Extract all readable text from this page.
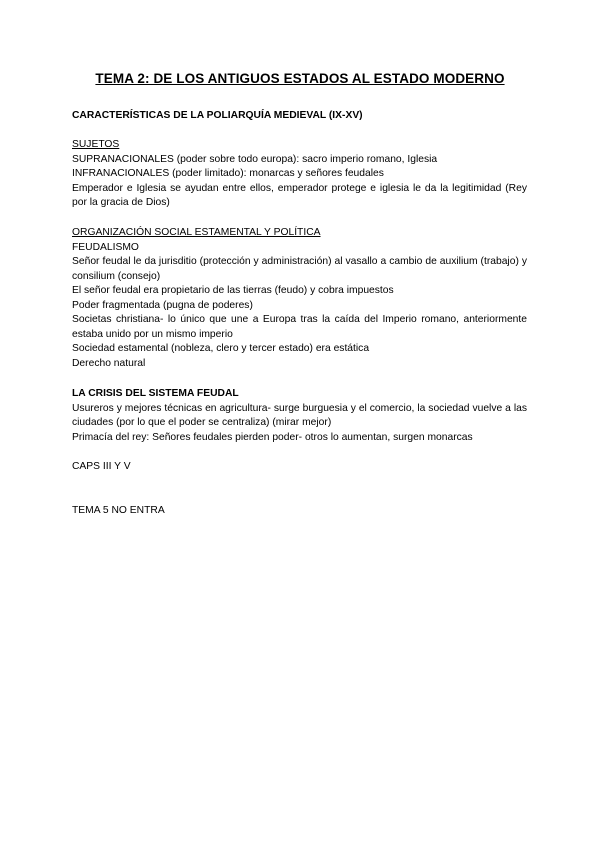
TEMA 2: DE LOS ANTIGUOS ESTADOS AL ESTADO MODERNO
CARACTERÍSTICAS DE LA POLIARQUÍA MEDIEVAL (IX-XV)
SUJETOS
SUPRANACIONALES (poder sobre todo europa): sacro imperio romano, Iglesia
INFRANACIONALES (poder limitado): monarcas y señores feudales
Emperador e Iglesia se ayudan entre ellos, emperador protege e iglesia le da la legitimidad (Rey por la gracia de Dios)
ORGANIZACIÓN SOCIAL ESTAMENTAL Y POLÍTICA
FEUDALISMO
Señor feudal le da jurisditio (protección y administración) al vasallo a cambio de auxilium (trabajo) y consilium (consejo)
El señor feudal era propietario de las tierras (feudo) y cobra impuestos
Poder fragmentada (pugna de poderes)
Societas christiana- lo único que une a Europa tras la caída del Imperio romano, anteriormente estaba unido por un mismo imperio
Sociedad estamental (nobleza, clero y tercer estado) era estática
Derecho natural
LA CRISIS DEL SISTEMA FEUDAL
Usureros y mejores técnicas en agricultura- surge burguesia y el comercio, la sociedad vuelve a las ciudades (por lo que el poder se centraliza) (mirar mejor)
Primacía del rey: Señores feudales pierden poder- otros lo aumentan, surgen monarcas
CAPS III Y V
TEMA 5 NO ENTRA
